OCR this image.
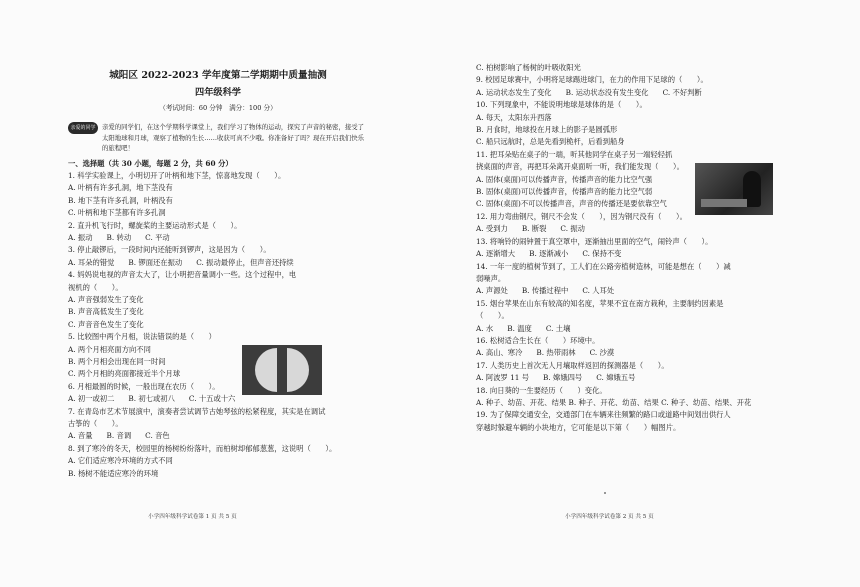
城阳区 2022-2023 学年度第二学期期中质量抽测
四年级科学
（考试时间：60 分钟　满分：100 分）
亲爱的同学	亲爱的同学们，在这个学期科学课堂上，我们学习了物体的运动，探究了声音的秘密，接受了太阳地球和月球，观察了植物的生长……收获可真不少哦。你准备好了吗？现在开启我们快乐的旅程吧！
一、选择题（共 30 小题，每题 2 分，共 60 分）
1. 科学实验课上，小明切开了叶柄和地下茎，惊喜地发现（　　）。
A. 叶柄有许多孔洞，地下茎没有
B. 地下茎有许多孔洞，叶柄没有
C. 叶柄和地下茎都有许多孔洞
2. 直升机飞行时，螺旋桨的主要运动形式是（　　）。
A. 振动 B. 转动 C. 平动
3. 停止敲锣后，一段时间内还能听到锣声，这是因为（　　）。
A. 耳朵的错觉 B. 锣面还在振动 C. 振动最停止，但声音还持续
4. 妈妈说电视的声音太大了，让小明把音量调小一些。这个过程中，电
视机的（　　）。
A. 声音强弱发生了变化
B. 声音高低发生了变化
C. 声音音色发生了变化
5. 比较图中两个月相，说法错误的是（　　）
A. 两个月相亮面方向不同
B. 两个月相会出现在同一时间
C. 两个月相的亮面都接近半个月球
6. 月相最圆的时候，一般出现在农历（　　）。
A. 初一或初二 B. 初七或初八 C. 十五或十六
7. 在青岛市艺术节展演中，演奏者尝试调节古她琴弦的松紧程度，其实是在调试
古筝的（　　）。
A. 音量 B. 音调 C. 音色
8. 到了寒冷的冬天，校园里的杨树纷纷落叶，而柏树却郁郁葱葱，这说明（　　）。
A. 它们适应寒冷环境的方式不同
B. 杨树不能适应寒冷的环境
小学四年级科学试卷第 1 页 共 5 页
C. 柏树影响了杨树的叶吸收阳光
9. 校园足球赛中，小明将足球踢进球门，在力的作用下足球的（　　）。
A. 运动状态发生了变化 B. 运动状态没有发生变化 C. 不好判断
10. 下列现象中，不能说明地球是球体的是（　　）。
A. 每天，太阳东升西落
B. 月食时，地球投在月球上的影子是圆弧形
C. 船只远航时，总是先看到桅杆，后看到船身
11. 把耳朵贴在桌子的一端，听其他同学在桌子另一端轻轻抓
挠桌面的声音，再把耳朵离开桌面听一听，我们能发现（　　）。
A. 固体(桌面)可以传播声音，传播声音的能力比空气强
B. 固体(桌面)可以传播声音，传播声音的能力比空气弱
C. 固体(桌面)不可以传播声音，声音的传播还是要依靠空气
12. 用力弯曲钢尺，钢尺不会发（　　），因为钢尺没有（　　）。
A. 受到力 B. 断裂 C. 振动
13. 将响铃的闹钟置于真空罩中，逐渐抽出里面的空气，闹铃声（　　）。
A. 逐渐增大 B. 逐渐减小 C. 保持不变
14. 一年一度的植树节到了，工人们在公路旁植树造林，可能是想在（　　）减
弱噪声。
A. 声源处 B. 传播过程中 C. 人耳处
15. 烟台苹果在山东有较高的知名度，苹果不宜在南方栽种，主要制约因素是
（　　）。
A. 水 B. 温度 C. 土壤
16. 松树适合生长在（　　）环境中。
A. 高山、寒冷 B. 热带雨林 C. 沙漠
17. 人类历史上首次无人月壤取样返回的探测器是（　　）。
A. 阿波罗 11 号 B. 嫦娥四号 C. 嫦娥五号
18. 向日葵的一生要经历（　　）变化。
A. 种子、幼苗、开花、结果 B. 种子、开花、幼苗、结果 C. 种子、幼苗、结果、开花
19. 为了保障交通安全，交通部门在车辆来往频繁的路口或道路中间划出供行人
穿越时躲避车辆的小块地方，它可能是以下第（　　）幅图片。
小学四年级科学试卷第 2 页 共 5 页
